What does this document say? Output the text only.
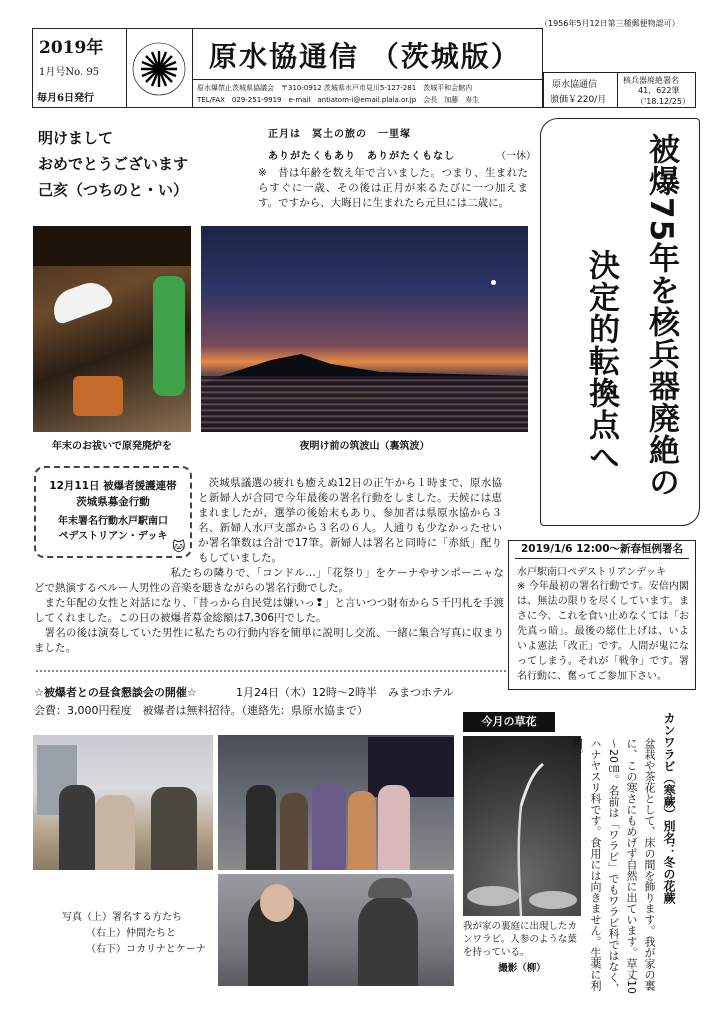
（1956年5月12日第三種郵便物認可）
2019年
1月号No. 95
毎月6日発行
原水協通信 （茨城版）
原水爆禁止茨城県協議会　〒310-0912 茨城県水戸市見川5-127-281　茨城平和会館内
TEL/FAX　029-251-9919　e-mail　antiatom-i@email.plala.or.jp　会長　加藤　寿生
原水協通信
頒価￥220/月
核兵器廃絶署名
41，622筆
（'18.12/25）
明けまして
おめでとうございます
己亥（つちのと・い）
正月は　冥土の旅の　一里塚
ありがたくもあり　ありがたくもなし	（一休）
※　昔は年齢を数え年で言いました。つまり、生まれたらすぐに一歳、その後は正月が来るたびに一つ加えます。ですから、大晦日に生まれたら元旦には二歳に。
年末のお祓いで原発廃炉を	夜明け前の筑波山（裏筑波）	被爆75年を核兵器廃絶の
決定的転換点へ
12月11日 被爆者援護連帯
茨城県募金行動
年末署名行動水戸駅南口
ペデストリアン・デッキ
🐱
茨城県議選の疲れも癒えぬ12日の正午から１時まで、原水協と新婦人が合同で今年最後の署名行動をしました。天候には恵まれましたが、選挙の後始末もあり、参加者は県原水協から３名、新婦人水戸支部から３名の６人。人通りも少なかったせいか署名筆数は合計で17筆。新婦人は署名と同時に「赤紙」配りもしていました。
私たちの隣りで、「コンドル…」「花祭り」をケーナやサンポーニャなどで熱演するペルー人男性の音楽を聴きながらの署名行動でした。
また年配の女性と対話になり、「昔っから自民党は嫌いっ❢」と言いつつ財布から５千円札を手渡してくれました。この日の被爆者募金総額は7,306円でした。
署名の後は演奏していた男性に私たちの行動内容を簡単に説明し交流、一緒に集合写真に収まりました。
2019/1/6 12:00～新春恒例署名
水戸駅南口ペデストリアンデッキ
※ 今年最初の署名行動です。安倍内閣は、無法の限りを尽くしています。まさに今、これを食い止めなくては「お先真っ暗」。最後の総仕上げは、いよいよ憲法「改正」です。人間が鬼になってしまう。それが「戦争」です。署名行動に、奮ってご参加下さい。
☆被爆者との昼食懇談会の開催☆	1月24日（木）12時～2時半　みまつホテル
会費：3,000円程度　被爆者は無料招待。（連絡先：県原水協まで）
写真（上）署名する方たち
（右上）仲間たちと
（右下）コカリナとケーナ
今月の草花
我が家の裏庭に出現したカンワラビ。人参のような葉を持っている。
撮影（柳）
カンワラビ（寒蕨）別名：冬の花蕨
盆栽や茶花として、床の間を飾ります。我が家の裏に、この寒さにもめげず自然に出ています。草丈10～20㎝。名前は「ワラビ」でもワラビ科ではなく、ハナヤスリ科です。食用には向きません。生薬に利用。
